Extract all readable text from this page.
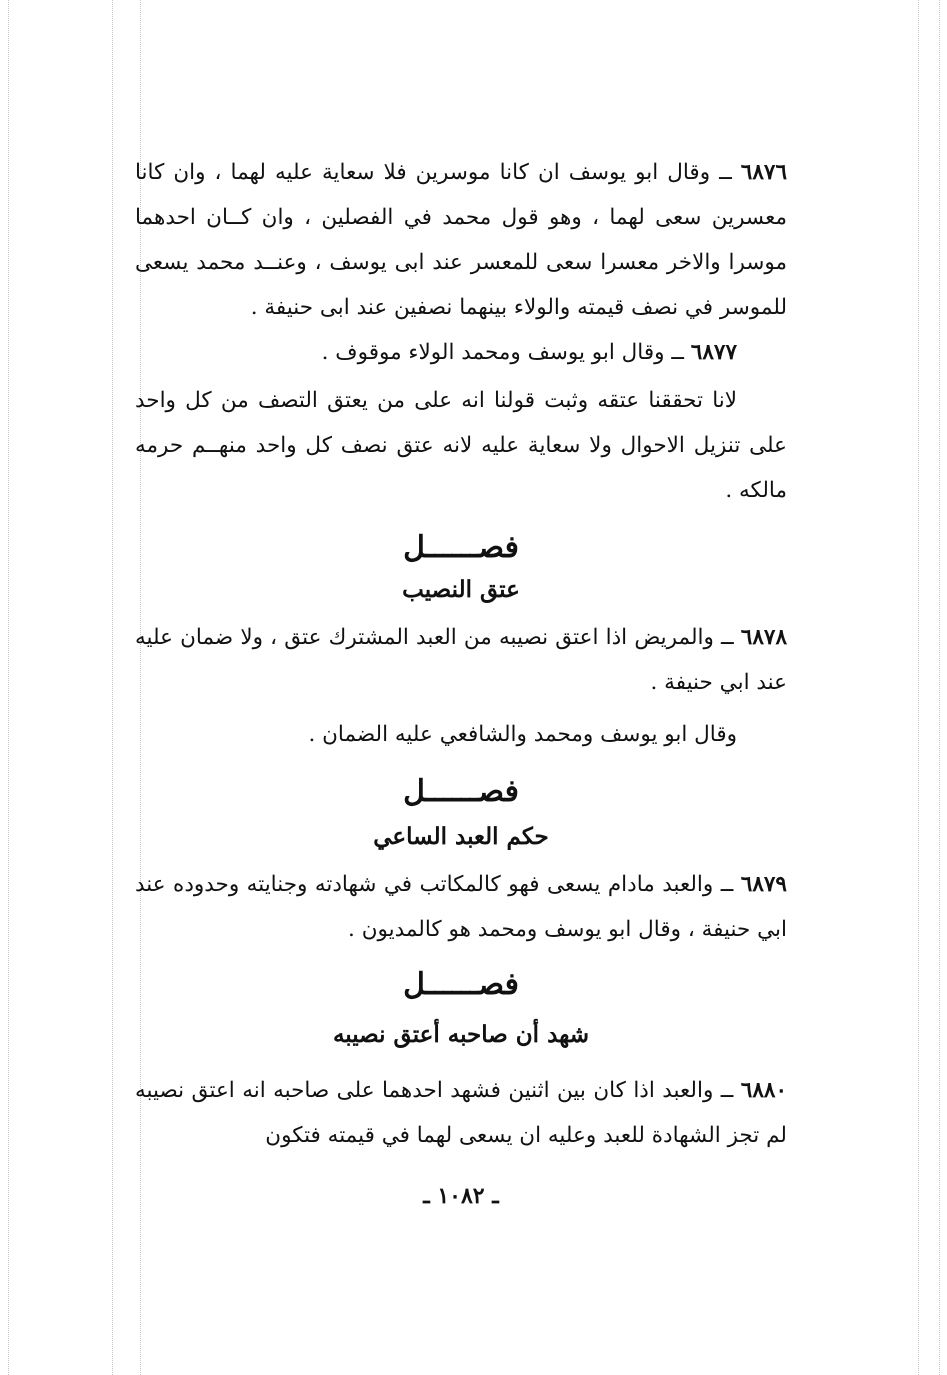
٦٨٧٦ ــ وقال ابو يوسف ان كانا موسرين فلا سعاية عليه لهما ، وان كانا معسرين سعى لهما ، وهو قول محمد في الفصلين ، وان كــان احدهما موسرا والاخر معسرا سعى للمعسر عند ابى يوسف ، وعنــد محمد يسعى للموسر في نصف قيمته والولاء بينهما نصفين عند ابى حنيفة .

٦٨٧٧ ــ وقال ابو يوسف ومحمد الولاء موقوف .

لانا تحققنا عتقه وثبت قولنا انه على من يعتق التصف من كل واحد على تنزيل الاحوال ولا سعاية عليه لانه عتق نصف كل واحد منهــم حرمه مالكه .

فصــــــل
عتق النصيب

٦٨٧٨ ــ والمريض اذا اعتق نصيبه من العبد المشترك عتق ، ولا ضمان عليه عند ابي حنيفة .

وقال ابو يوسف ومحمد والشافعي عليه الضمان .

فصــــــل
حكم العبد الساعي

٦٨٧٩ ــ والعبد مادام يسعى فهو كالمكاتب في شهادته وجنايته وحدوده عند ابي حنيفة ، وقال ابو يوسف ومحمد هو كالمديون .

فصــــــل
شهد أن صاحبه أعتق نصيبه

٦٨٨٠ ــ والعبد اذا كان بين اثنين فشهد احدهما على صاحبه انه اعتق نصيبه لم تجز الشهادة للعبد وعليه ان يسعى لهما في قيمته فتكون

ـ ١٠٨٢ ـ
